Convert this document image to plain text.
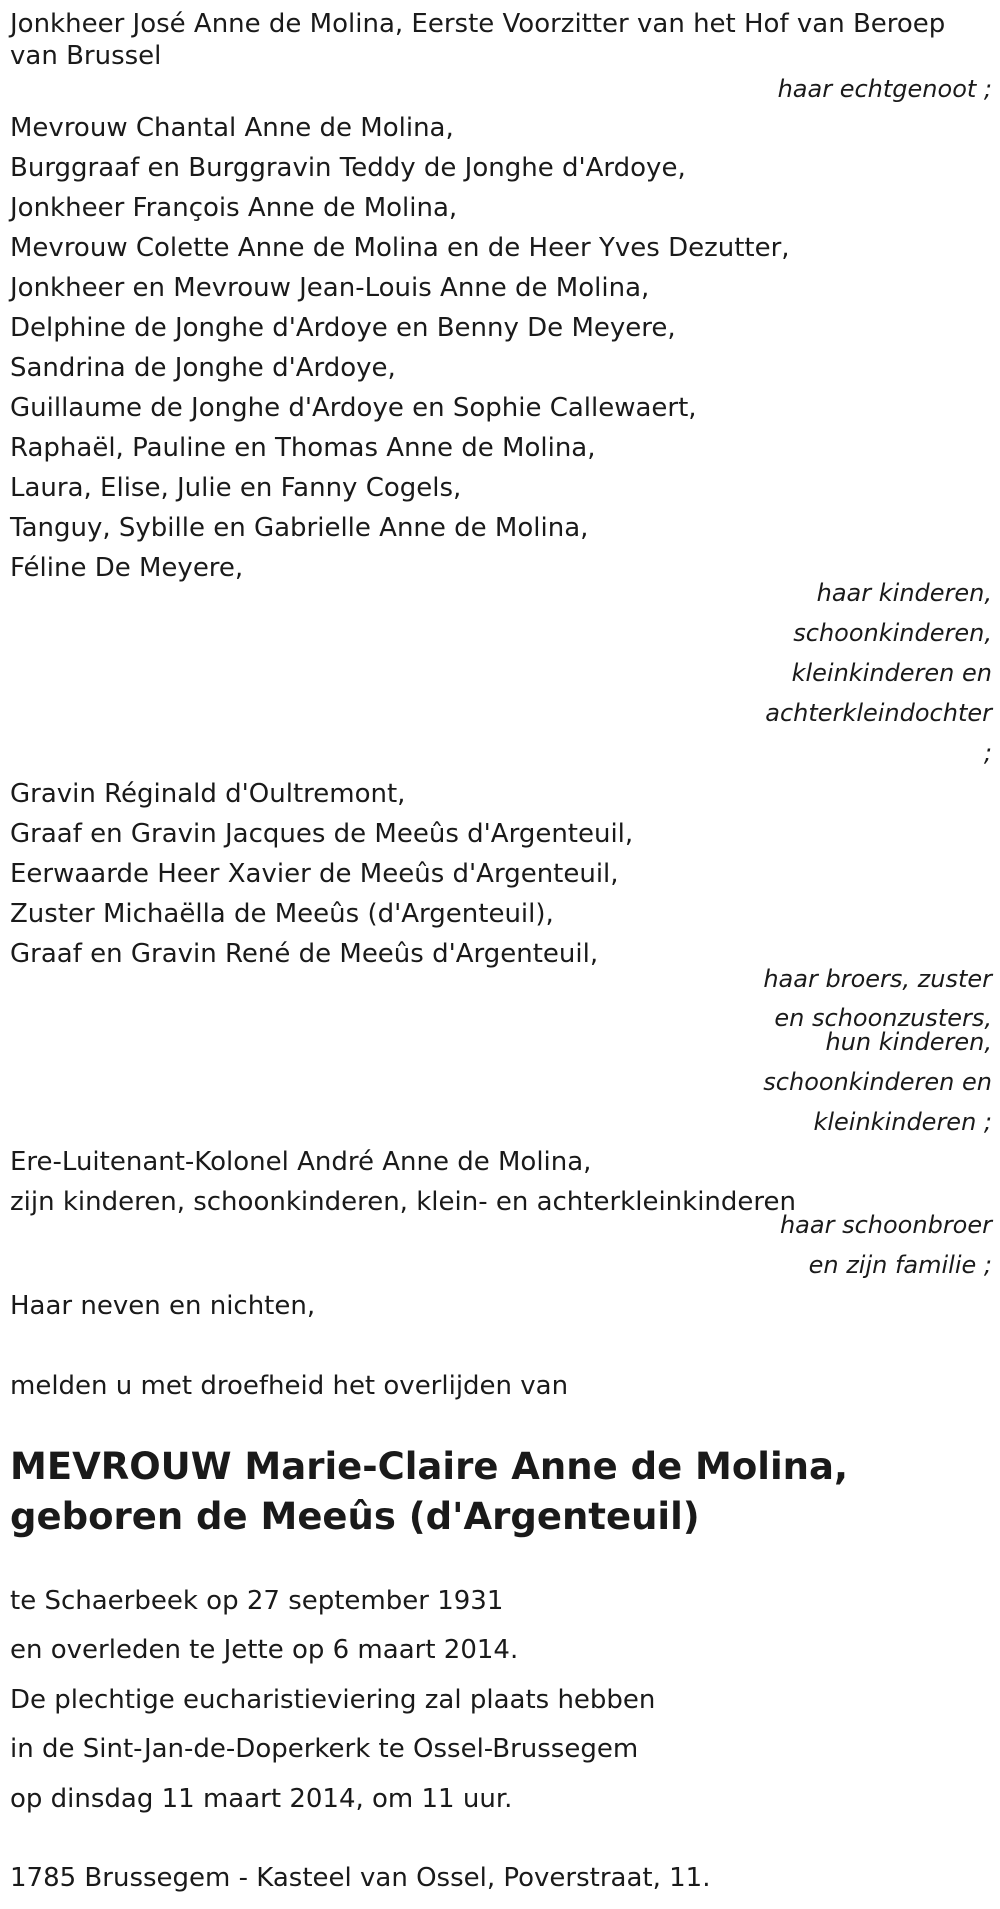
Jonkheer José Anne de Molina, Eerste Voorzitter van het Hof van Beroep van Brussel
haar echtgenoot ;
Mevrouw Chantal Anne de Molina,
Burggraaf en Burggravin Teddy de Jonghe d'Ardoye,
Jonkheer François Anne de Molina,
Mevrouw Colette Anne de Molina en de Heer Yves Dezutter,
Jonkheer en Mevrouw Jean-Louis Anne de Molina,
Delphine de Jonghe d'Ardoye en Benny De Meyere,
Sandrina de Jonghe d'Ardoye,
Guillaume de Jonghe d'Ardoye en Sophie Callewaert,
Raphaël, Pauline en Thomas Anne de Molina,
Laura, Elise, Julie en Fanny Cogels,
Tanguy, Sybille en Gabrielle Anne de Molina,
Féline De Meyere,
haar kinderen,
schoonkinderen,
kleinkinderen en
achterkleindochter
;
Gravin Réginald d'Oultremont,
Graaf en Gravin Jacques de Meeûs d'Argenteuil,
Eerwaarde Heer Xavier de Meeûs d'Argenteuil,
Zuster Michaëlla de Meeûs (d'Argenteuil),
Graaf en Gravin René de Meeûs d'Argenteuil,
haar broers, zuster
en schoonzusters,
hun kinderen,
schoonkinderen en
kleinkinderen ;
Ere-Luitenant-Kolonel André Anne de Molina,
zijn kinderen, schoonkinderen, klein- en achterkleinkinderen
haar schoonbroer
en zijn familie ;
Haar neven en nichten,
melden u met droefheid het overlijden van
MEVROUW Marie-Claire Anne de Molina, geboren de Meeûs (d'Argenteuil)
te Schaerbeek op 27 september 1931
en overleden te Jette op 6 maart 2014.
De plechtige eucharistieviering zal plaats hebben
in de Sint-Jan-de-Doperkerk te Ossel-Brussegem
op dinsdag 11 maart 2014, om 11 uur.
1785 Brussegem - Kasteel van Ossel, Poverstraat, 11.
